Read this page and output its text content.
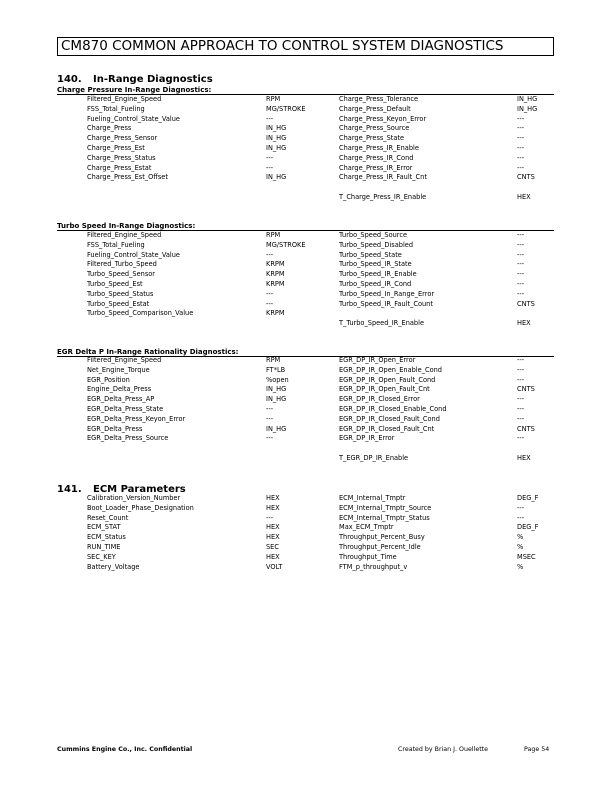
CM870 COMMON APPROACH TO CONTROL SYSTEM DIAGNOSTICS
140. In-Range Diagnostics
Charge Pressure In-Range Diagnostics:
Filtered_Engine_Speed	RPM	Charge_Press_Tolerance	IN_HG
FSS_Total_Fueling	MG/STROKE	Charge_Press_Default	IN_HG
Fueling_Control_State_Value	---	Charge_Press_Keyon_Error	---
Charge_Press	IN_HG	Charge_Press_Source	---
Charge_Press_Sensor	IN_HG	Charge_Press_State	---
Charge_Press_Est	IN_HG	Charge_Press_IR_Enable	---
Charge_Press_Status	---	Charge_Press_IR_Cond	---
Charge_Press_Estat	---	Charge_Press_IR_Error	---
Charge_Press_Est_Offset	IN_HG	Charge_Press_IR_Fault_Cnt	CNTS
T_Charge_Press_IR_Enable	HEX
Turbo Speed In-Range Diagnostics:
Filtered_Engine_Speed	RPM	Turbo_Speed_Source	---
FSS_Total_Fueling	MG/STROKE	Turbo_Speed_Disabled	---
Fueling_Control_State_Value	---	Turbo_Speed_State	---
Filtered_Turbo_Speed	KRPM	Turbo_Speed_IR_State	---
Turbo_Speed_Sensor	KRPM	Turbo_Speed_IR_Enable	---
Turbo_Speed_Est	KRPM	Turbo_Speed_IR_Cond	---
Turbo_Speed_Status	---	Turbo_Speed_In_Range_Error	---
Turbo_Speed_Estat	---	Turbo_Speed_IR_Fault_Count	CNTS
Turbo_Speed_Comparison_Value	KRPM
T_Turbo_Speed_IR_Enable	HEX
EGR Delta P In-Range Rationality Diagnostics:
Filtered_Engine_Speed	RPM	EGR_DP_IR_Open_Error	---
Net_Engine_Torque	FT*LB	EGR_DP_IR_Open_Enable_Cond	---
EGR_Position	%open	EGR_DP_IR_Open_Fault_Cond	---
Engine_Delta_Press	IN_HG	EGR_DP_IR_Open_Fault_Cnt	CNTS
EGR_Delta_Press_AP	IN_HG	EGR_DP_IR_Closed_Error	---
EGR_Delta_Press_State	---	EGR_DP_IR_Closed_Enable_Cond	---
EGR_Delta_Press_Keyon_Error	---	EGR_DP_IR_Closed_Fault_Cond	---
EGR_Delta_Press	IN_HG	EGR_DP_IR_Closed_Fault_Cnt	CNTS
EGR_Delta_Press_Source	---	EGR_DP_IR_Error	---
T_EGR_DP_IR_Enable	HEX
141. ECM Parameters
Calibration_Version_Number	HEX	ECM_Internal_Tmptr	DEG_F
Boot_Loader_Phase_Designation	HEX	ECM_Internal_Tmptr_Source	---
Reset_Count	---	ECM_Internal_Tmptr_Status	---
ECM_STAT	HEX	Max_ECM_Tmptr	DEG_F
ECM_Status	HEX	Throughput_Percent_Busy	%
RUN_TIME	SEC	Throughput_Percent_Idle	%
SEC_KEY	HEX	Throughput_Time	MSEC
Battery_Voltage	VOLT	FTM_p_throughput_v	%
Cummins Engine Co., Inc. Confidential	Created by Brian J. Ouellette	Page 54
